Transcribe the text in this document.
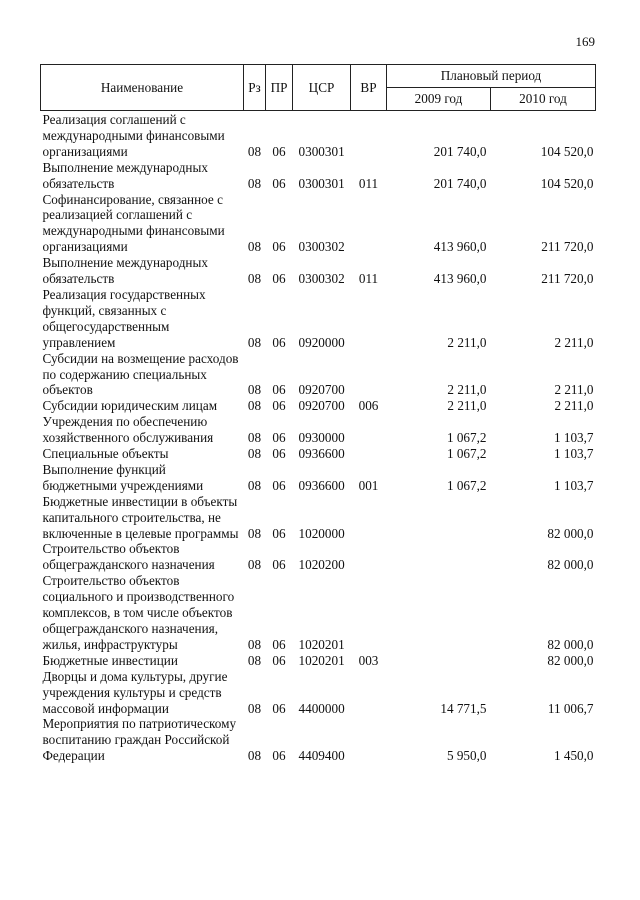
169
Наименование	Рз	ПР	ЦСР	ВР	Плановый период	
					2009 год	2010 год
Реализация соглашений с международными финансовыми организациями	08	06	0300301		201 740,0	104 520,0
Выполнение международных обязательств	08	06	0300301	011	201 740,0	104 520,0
Софинансирование, связанное с реализацией соглашений с международными финансовыми организациями	08	06	0300302		413 960,0	211 720,0
Выполнение международных обязательств	08	06	0300302	011	413 960,0	211 720,0
Реализация государственных функций, связанных с общегосударственным управлением	08	06	0920000		2 211,0	2 211,0
Субсидии на возмещение расходов по содержанию специальных объектов	08	06	0920700		2 211,0	2 211,0
Субсидии юридическим лицам	08	06	0920700	006	2 211,0	2 211,0
Учреждения по обеспечению хозяйственного обслуживания	08	06	0930000		1 067,2	1 103,7
Специальные объекты	08	06	0936600		1 067,2	1 103,7
Выполнение функций бюджетными учреждениями	08	06	0936600	001	1 067,2	1 103,7
Бюджетные инвестиции в объекты капитального строительства, не включенные в целевые программы	08	06	1020000			82 000,0
Строительство объектов общегражданского назначения	08	06	1020200			82 000,0
Строительство объектов социального и производственного комплексов, в том числе объектов общегражданского назначения, жилья, инфраструктуры	08	06	1020201			82 000,0
Бюджетные инвестиции	08	06	1020201	003		82 000,0
Дворцы и дома культуры, другие учреждения культуры и средств массовой информации	08	06	4400000		14 771,5	11 006,7
Мероприятия по патриотическому воспитанию граждан Российской Федерации	08	06	4409400		5 950,0	1 450,0
